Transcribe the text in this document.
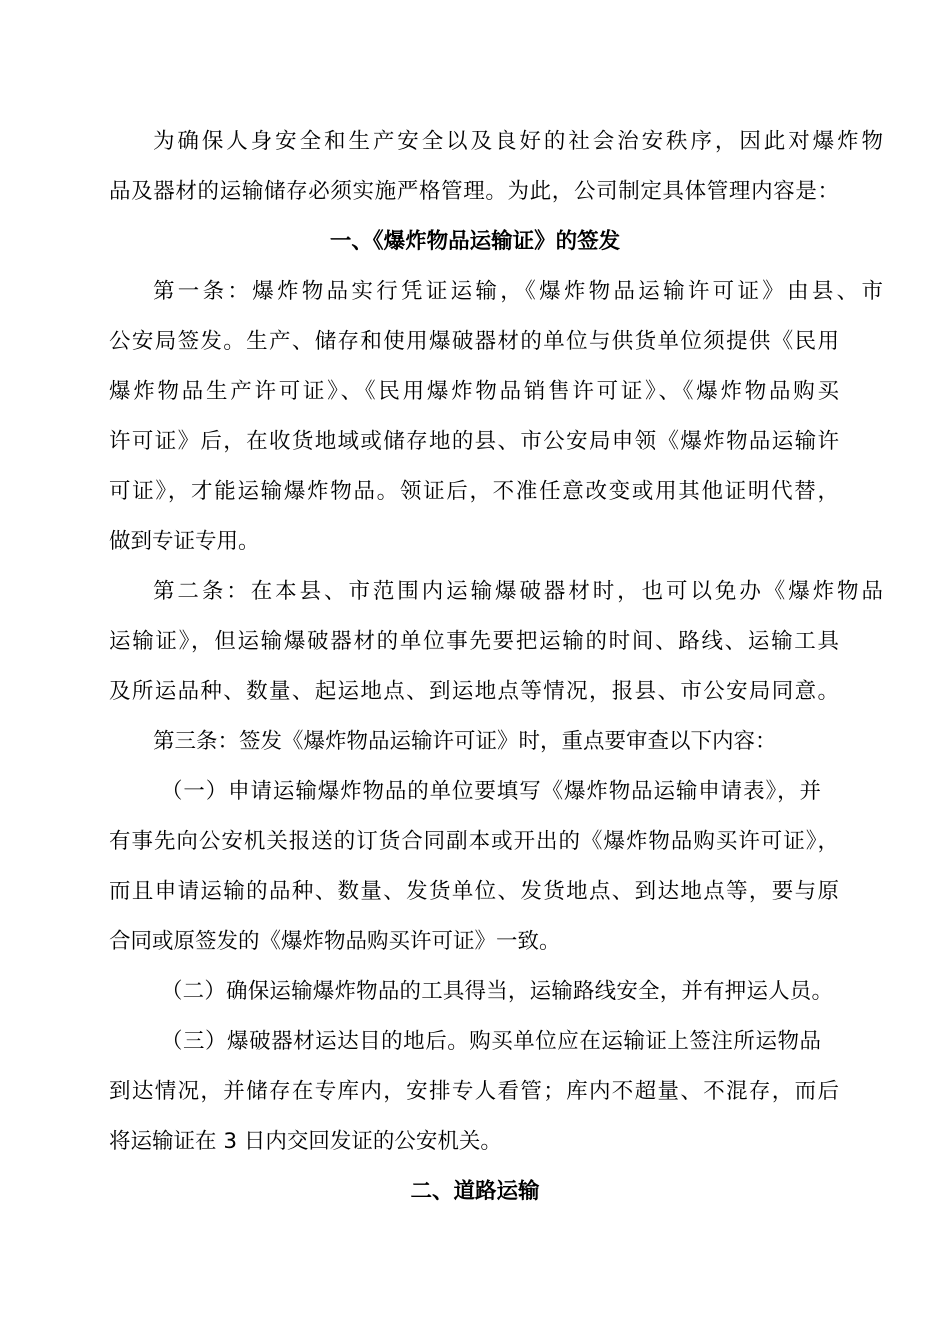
为确保人身安全和生产安全以及良好的社会治安秩序，因此对爆炸物
品及器材的运输储存必须实施严格管理。为此，公司制定具体管理内容是：
一、《爆炸物品运输证》的签发
第一条：爆炸物品实行凭证运输，《爆炸物品运输许可证》由县、市
公安局签发。生产、储存和使用爆破器材的单位与供货单位须提供《民用
爆炸物品生产许可证》、《民用爆炸物品销售许可证》、《爆炸物品购买
许可证》后，在收货地域或储存地的县、市公安局申领《爆炸物品运输许
可证》，才能运输爆炸物品。领证后，不准任意改变或用其他证明代替，
做到专证专用。
第二条：在本县、市范围内运输爆破器材时，也可以免办《爆炸物品
运输证》，但运输爆破器材的单位事先要把运输的时间、路线、运输工具
及所运品种、数量、起运地点、到运地点等情况，报县、市公安局同意。
第三条：签发《爆炸物品运输许可证》时，重点要审查以下内容：
（一）申请运输爆炸物品的单位要填写《爆炸物品运输申请表》，并
有事先向公安机关报送的订货合同副本或开出的《爆炸物品购买许可证》，
而且申请运输的品种、数量、发货单位、发货地点、到达地点等，要与原
合同或原签发的《爆炸物品购买许可证》一致。
（二）确保运输爆炸物品的工具得当，运输路线安全，并有押运人员。
（三）爆破器材运达目的地后。购买单位应在运输证上签注所运物品
到达情况，并储存在专库内，安排专人看管；库内不超量、不混存，而后
将运输证在 3 日内交回发证的公安机关。
二、道路运输
